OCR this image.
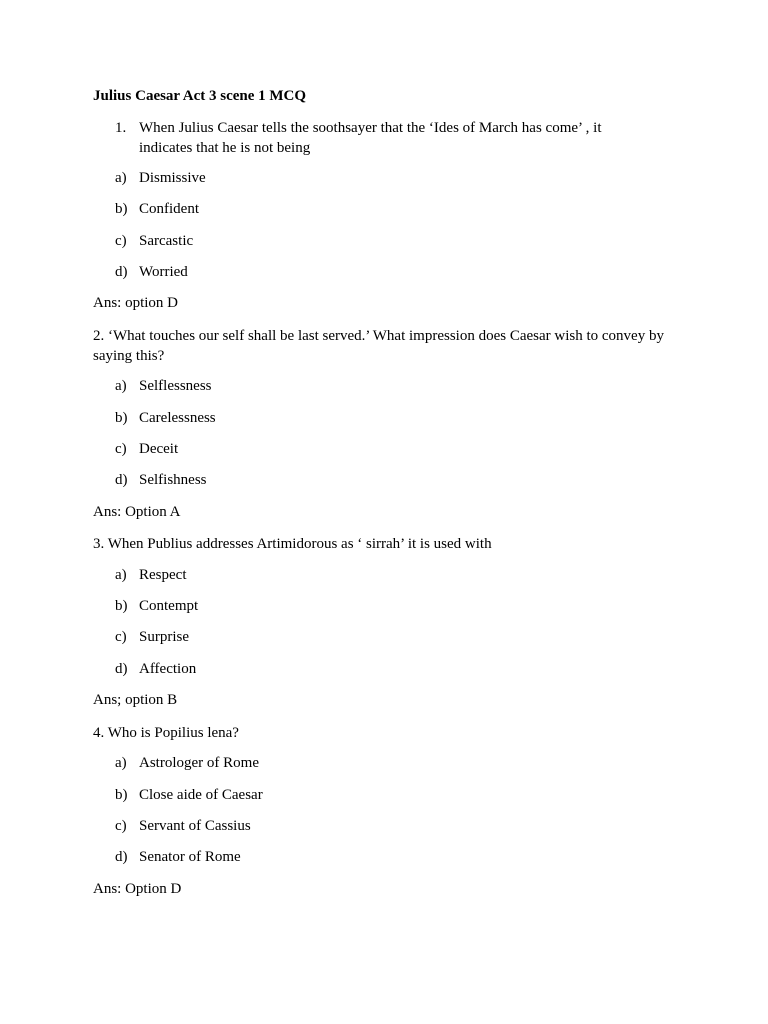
Julius Caesar Act 3 scene 1 MCQ
1. When Julius Caesar tells the soothsayer that the ‘Ides of March has come’ , it indicates that he is not being
a) Dismissive
b) Confident
c) Sarcastic
d) Worried
Ans: option D
2. ‘What touches our self shall be last served.’ What impression does Caesar wish to convey by saying this?
a) Selflessness
b) Carelessness
c) Deceit
d) Selfishness
Ans: Option A
3. When Publius addresses Artimidorous as ‘ sirrah’ it is used with
a) Respect
b) Contempt
c) Surprise
d) Affection
Ans; option B
4. Who is Popilius lena?
a) Astrologer of Rome
b) Close aide of Caesar
c) Servant of Cassius
d) Senator of Rome
Ans: Option D
